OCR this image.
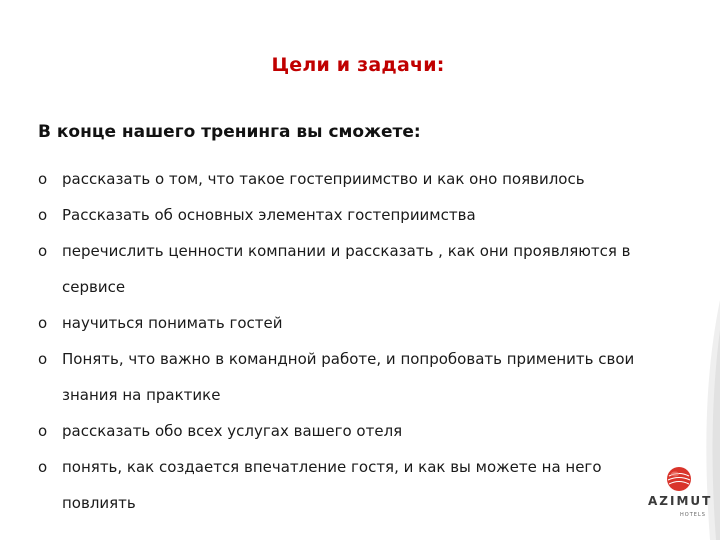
Цели и задачи:
В конце нашего тренинга вы сможете:
o рассказать о том, что такое гостеприимство и как оно появилось
o Рассказать об основных элементах гостеприимства
o перечислить ценности компании и рассказать , как они проявляются в
сервисе
o научиться понимать гостей
o Понять, что важно в командной работе, и попробовать применить свои
знания на практике
o рассказать обо всех услугах вашего отеля
o понять, как создается впечатление гостя, и как вы можете на него
повлиять	AZIMUT
HOTELS
